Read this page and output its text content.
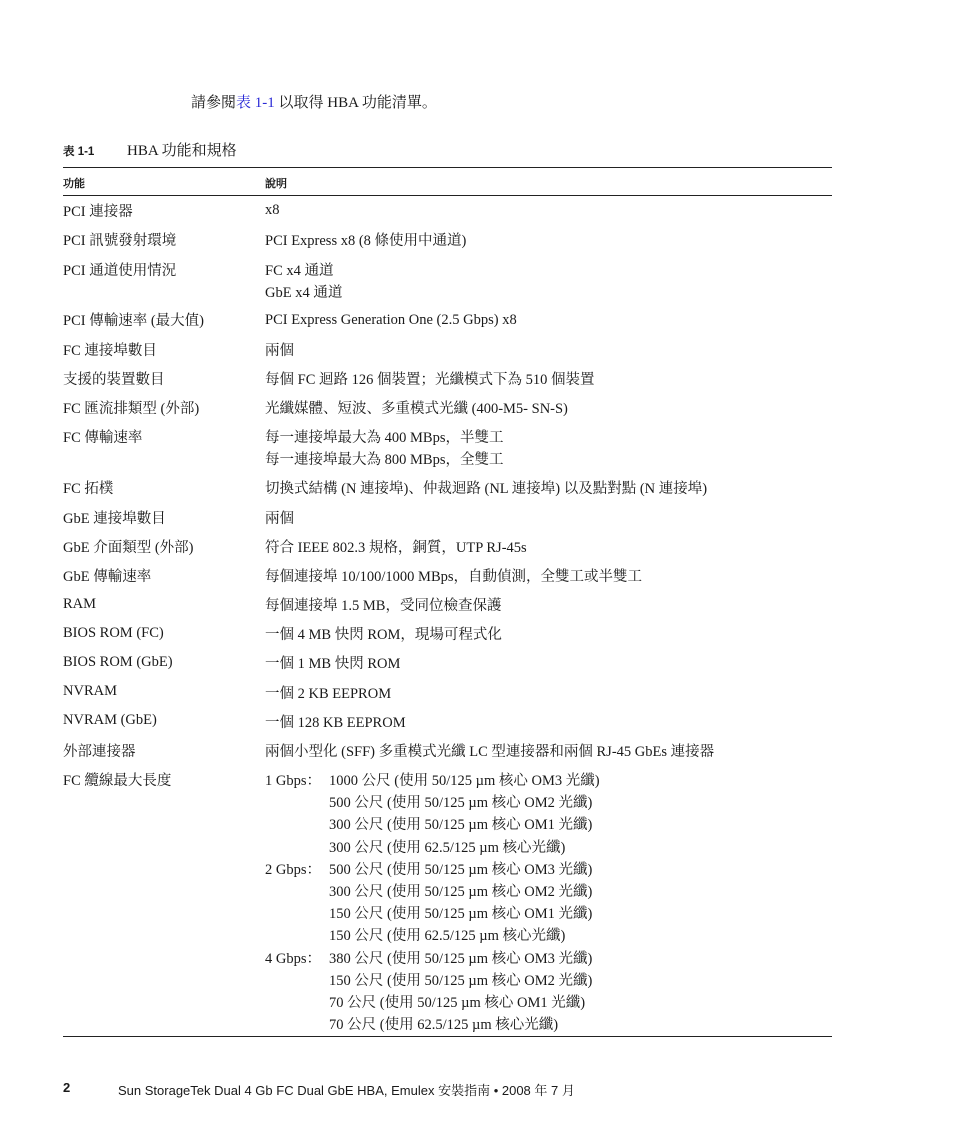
請參閱表 1-1 以取得 HBA 功能清單。
表 1-1 HBA 功能和規格
功能	說明
PCI 連接器	x8
PCI 訊號發射環境	PCI Express x8 (8 條使用中通道)
PCI 通道使用情況	FC x4 通道
GbE x4 通道
PCI 傳輸速率 (最大值)	PCI Express Generation One (2.5 Gbps) x8
FC 連接埠數目	兩個
支援的裝置數目	每個 FC 迴路 126 個裝置；光纖模式下為 510 個裝置
FC 匯流排類型 (外部)	光纖媒體、短波、多重模式光纖 (400-M5- SN-S)
FC 傳輸速率	每一連接埠最大為 400 MBps，半雙工
每一連接埠最大為 800 MBps，全雙工
FC 拓樸	切換式結構 (N 連接埠)、仲裁迴路 (NL 連接埠) 以及點對點 (N 連接埠)
GbE 連接埠數目	兩個
GbE 介面類型 (外部)	符合 IEEE 802.3 規格，銅質，UTP RJ-45s
GbE 傳輸速率	每個連接埠 10/100/1000 MBps，自動偵測，全雙工或半雙工
RAM	每個連接埠 1.5 MB，受同位檢查保護
BIOS ROM (FC)	一個 4 MB 快閃 ROM，現場可程式化
BIOS ROM (GbE)	一個 1 MB 快閃 ROM
NVRAM	一個 2 KB EEPROM
NVRAM (GbE)	一個 128 KB EEPROM
外部連接器	兩個小型化 (SFF) 多重模式光纖 LC 型連接器和兩個 RJ-45 GbEs 連接器
FC 纜線最大長度	1 Gbps： 1000 公尺 (使用 50/125 µm 核心 OM3 光纖)
500 公尺 (使用 50/125 µm 核心 OM2 光纖)
300 公尺 (使用 50/125 µm 核心 OM1 光纖)
300 公尺 (使用 62.5/125 µm 核心光纖)
2 Gbps： 500 公尺 (使用 50/125 µm 核心 OM3 光纖)
300 公尺 (使用 50/125 µm 核心 OM2 光纖)
150 公尺 (使用 50/125 µm 核心 OM1 光纖)
150 公尺 (使用 62.5/125 µm 核心光纖)
4 Gbps： 380 公尺 (使用 50/125 µm 核心 OM3 光纖)
150 公尺 (使用 50/125 µm 核心 OM2 光纖)
70 公尺 (使用 50/125 µm 核心 OM1 光纖)
70 公尺 (使用 62.5/125 µm 核心光纖)
2	Sun StorageTek Dual 4 Gb FC Dual GbE HBA, Emulex 安裝指南 • 2008 年 7 月
